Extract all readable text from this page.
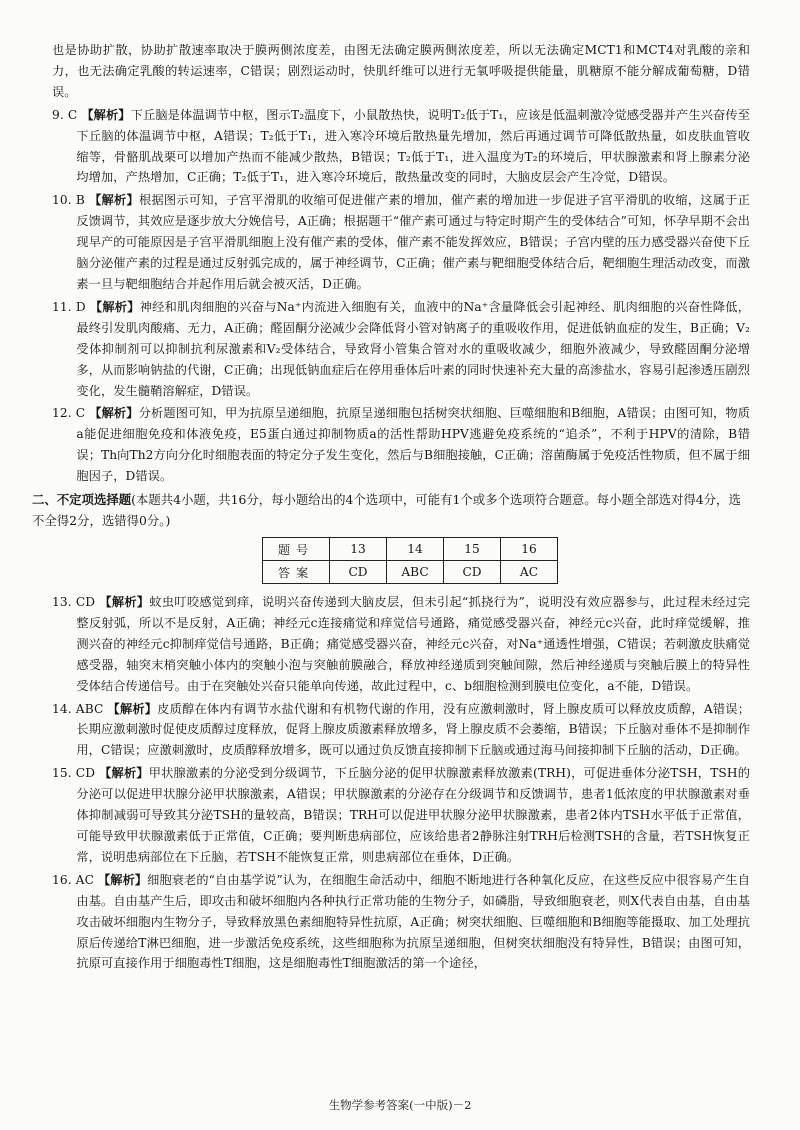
也是协助扩散，协助扩散速率取决于膜两侧浓度差，由图无法确定膜两侧浓度差，所以无法确定MCT1和MCT4对乳酸的亲和力，也无法确定乳酸的转运速率，C错误；剧烈运动时，快肌纤维可以进行无氧呼吸提供能量，肌糖原不能分解成葡萄糖，D错误。

9. C 【解析】下丘脑是体温调节中枢，图示T₂温度下，小鼠散热快，说明T₂低于T₁，应该是低温刺激冷觉感受器并产生兴奋传至下丘脑的体温调节中枢，A错误；T₂低于T₁，进入寒冷环境后散热量先增加，然后再通过调节可降低散热量，如皮肤血管收缩等，骨骼肌战栗可以增加产热而不能减少散热，B错误；T₂低于T₁，进入温度为T₂的环境后，甲状腺激素和肾上腺素分泌均增加，产热增加，C正确；T₂低于T₁，进入寒冷环境后，散热量改变的同时，大脑皮层会产生冷觉，D错误。

10. B 【解析】根据图示可知，子宫平滑肌的收缩可促进催产素的增加，催产素的增加进一步促进子宫平滑肌的收缩，这属于正反馈调节，其效应是逐步放大分娩信号，A正确；根据题干“催产素可通过与特定时期产生的受体结合”可知，怀孕早期不会出现早产的可能原因是子宫平滑肌细胞上没有催产素的受体，催产素不能发挥效应，B错误；子宫内壁的压力感受器兴奋使下丘脑分泌催产素的过程是通过反射弧完成的，属于神经调节，C正确；催产素与靶细胞受体结合后，靶细胞生理活动改变，而激素一旦与靶细胞结合并起作用后就会被灭活，D正确。

11. D 【解析】神经和肌肉细胞的兴奋与Na⁺内流进入细胞有关，血液中的Na⁺含量降低会引起神经、肌肉细胞的兴奋性降低，最终引发肌肉酸痛、无力，A正确；醛固酮分泌减少会降低肾小管对钠离子的重吸收作用，促进低钠血症的发生，B正确；V₂受体抑制剂可以抑制抗利尿激素和V₂受体结合，导致肾小管集合管对水的重吸收减少，细胞外液减少，导致醛固酮分泌增多，从而影响钠盐的代谢，C正确；出现低钠血症后在停用垂体后叶素的同时快速补充大量的高渗盐水，容易引起渗透压剧烈变化，发生髓鞘溶解症，D错误。

12. C 【解析】分析题图可知，甲为抗原呈递细胞，抗原呈递细胞包括树突状细胞、巨噬细胞和B细胞，A错误；由图可知，物质a能促进细胞免疫和体液免疫，E5蛋白通过抑制物质a的活性帮助HPV逃避免疫系统的“追杀”，不利于HPV的清除，B错误；Th向Th2方向分化时细胞表面的特定分子发生变化，然后与B细胞接触，C正确；溶菌酶属于免疫活性物质，但不属于细胞因子，D错误。

二、不定项选择题(本题共4小题，共16分，每小题给出的4个选项中，可能有1个或多个选项符合题意。每小题全部选对得4分，选不全得2分，选错得0分。)

题号	13	14	15	16
答案	CD	ABC	CD	AC

13. CD 【解析】蚊虫叮咬感觉到痒，说明兴奋传递到大脑皮层，但未引起“抓挠行为”，说明没有效应器参与，此过程未经过完整反射弧，所以不是反射，A正确；神经元c连接痛觉和痒觉信号通路，痛觉感受器兴奋，神经元c兴奋，此时痒觉缓解，推测兴奋的神经元c抑制痒觉信号通路，B正确；痛觉感受器兴奋，神经元c兴奋，对Na⁺通透性增强，C错误；若刺激皮肤痛觉感受器，轴突末梢突触小体内的突触小泡与突触前膜融合，释放神经递质到突触间隙，然后神经递质与突触后膜上的特异性受体结合传递信号。由于在突触处兴奋只能单向传递，故此过程中，c、b细胞检测到膜电位变化，a不能，D错误。

14. ABC 【解析】皮质醇在体内有调节水盐代谢和有机物代谢的作用，没有应激刺激时，肾上腺皮质可以释放皮质醇，A错误；长期应激刺激时促使皮质醇过度释放，促肾上腺皮质激素释放增多，肾上腺皮质不会萎缩，B错误；下丘脑对垂体不是抑制作用，C错误；应激刺激时，皮质醇释放增多，既可以通过负反馈直接抑制下丘脑或通过海马间接抑制下丘脑的活动，D正确。

15. CD 【解析】甲状腺激素的分泌受到分级调节，下丘脑分泌的促甲状腺激素释放激素(TRH)，可促进垂体分泌TSH，TSH的分泌可以促进甲状腺分泌甲状腺激素，A错误；甲状腺激素的分泌存在分级调节和反馈调节，患者1低浓度的甲状腺激素对垂体抑制减弱可导致其分泌TSH的量较高，B错误；TRH可以促进甲状腺分泌甲状腺激素，患者2体内TSH水平低于正常值，可能导致甲状腺激素低于正常值，C正确；要判断患病部位，应该给患者2静脉注射TRH后检测TSH的含量，若TSH恢复正常，说明患病部位在下丘脑，若TSH不能恢复正常，则患病部位在垂体，D正确。

16. AC 【解析】细胞衰老的“自由基学说”认为，在细胞生命活动中，细胞不断地进行各种氧化反应，在这些反应中很容易产生自由基。自由基产生后，即攻击和破坏细胞内各种执行正常功能的生物分子，如磷脂，导致细胞衰老，则X代表自由基，自由基攻击破坏细胞内生物分子，导致释放黑色素细胞特异性抗原，A正确；树突状细胞、巨噬细胞和B细胞等能摄取、加工处理抗原后传递给T淋巴细胞，进一步激活免疫系统，这些细胞称为抗原呈递细胞，但树突状细胞没有特异性，B错误；由图可知，抗原可直接作用于细胞毒性T细胞，这是细胞毒性T细胞激活的第一个途径，

生物学参考答案(一中版)－2
